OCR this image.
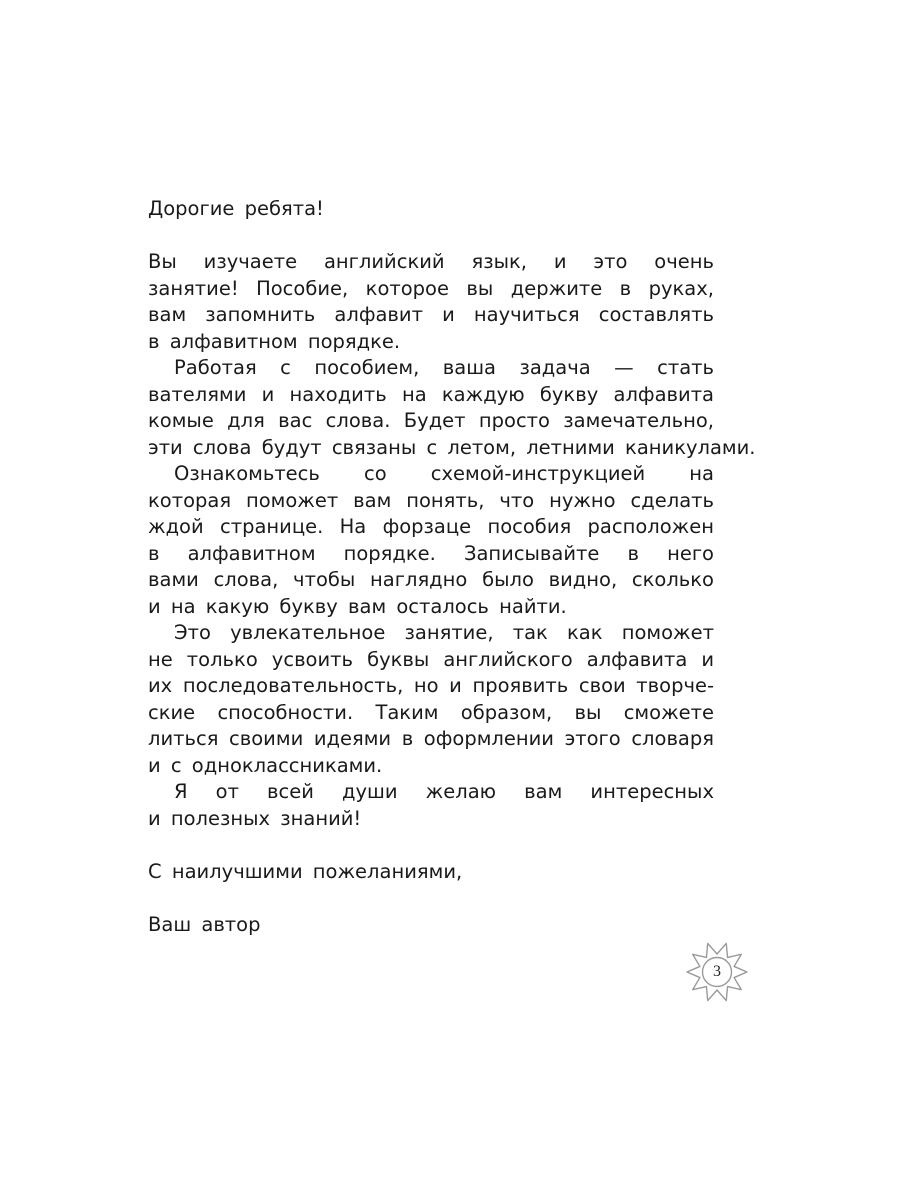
Дорогие ребята!
Вы изучаете английский язык, и это очень
занятие! Пособие, которое вы держите в руках,
вам запомнить алфавит и научиться составлять
в алфавитном порядке.
Работая с пособием, ваша задача — стать
вателями и находить на каждую букву алфавита
комые для вас слова. Будет просто замечательно,
эти слова будут связаны с летом, летними каникулами.
Ознакомьтесь со схемой-инструкцией на
которая поможет вам понять, что нужно сделать
ждой странице. На форзаце пособия расположен
в алфавитном порядке. Записывайте в него
вами слова, чтобы наглядно было видно, сколько
и на какую букву вам осталось найти.
Это увлекательное занятие, так как поможет
не только усвоить буквы английского алфавита и
их последовательность, но и проявить свои творче-
ские способности. Таким образом, вы сможете
литься своими идеями в оформлении этого словаря
и с одноклассниками.
Я от всей души желаю вам интересных
и полезных знаний!
С наилучшими пожеланиями,
Ваш автор
3
